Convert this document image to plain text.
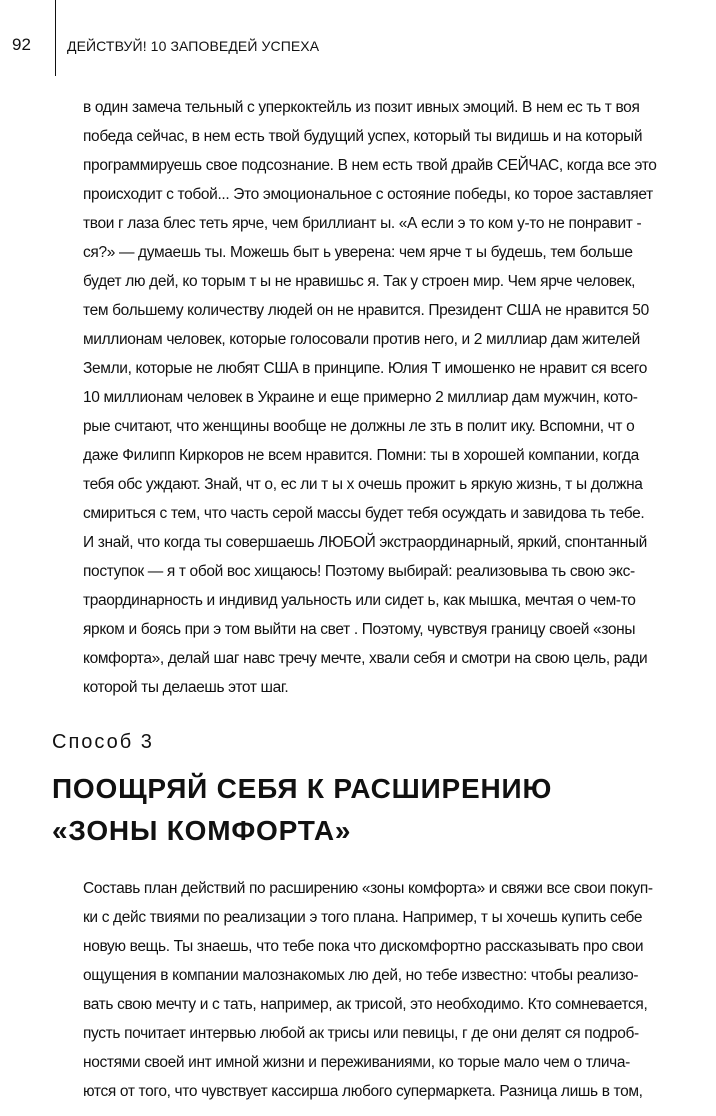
92	ДЕЙСТВУЙ! 10 ЗАПОВЕДЕЙ УСПЕХА
в один замеча тельный с уперкоктейль из позит ивных эмоций. В нем ес ть т воя
победа сейчас, в нем есть твой будущий успех, который ты видишь и на который
программируешь свое подсознание. В нем есть твой драйв СЕЙЧАС, когда все это
происходит с тобой... Это эмоциональное с остояние победы, ко торое заставляет
твои г лаза блес теть ярче, чем бриллиант ы. «А если э то ком у-то не понравит -
ся?» — думаешь ты. Можешь быт ь уверена: чем ярче т ы будешь, тем больше
будет лю дей, ко торым т ы не нравишьс я. Так у строен мир. Чем ярче человек,
тем большему количеству людей он не нравится. Президент США не нравится 50
миллионам человек, которые голосовали против него, и 2 миллиар дам жителей
Земли, которые не любят США в принципе. Юлия Т имошенко не нравит ся всего
10 миллионам человек в Украине и еще примерно 2 миллиар дам мужчин, кото-
рые считают, что женщины вообще не должны ле зть в полит ику. Вспомни, чт о
даже Филипп Киркоров не всем нравится. Помни: ты в хорошей компании, когда
тебя обс уждают. Знай, чт о, ес ли т ы х очешь прожит ь яркую жизнь, т ы должна
смириться с тем, что часть серой массы будет тебя осуждать и завидова ть тебе.
И знай, что когда ты совершаешь ЛЮБОЙ экстраординарный, яркий, спонтанный
поступок — я т обой вос хищаюсь! Поэтому выбирай: реализовыва ть свою экс-
траординарность и индивид уальность или сидет ь, как мышка, мечтая о чем-то
ярком и боясь при э том выйти на свет . Поэтому, чувствуя границу своей «зоны
комфорта», делай шаг навс тречу мечте, хвали себя и смотри на свою цель, ради
которой ты делаешь этот шаг.
Способ 3
ПООЩРЯЙ СЕБЯ К РАСШИРЕНИЮ
«ЗОНЫ КОМФОРТА»
Составь план действий по расширению «зоны комфорта» и свяжи все свои покуп-
ки с дейс твиями по реализации э того плана. Например, т ы хочешь купить себе
новую вещь. Ты знаешь, что тебе пока что дискомфортно рассказывать про свои
ощущения в компании малознакомых лю дей, но тебе известно: чтобы реализо-
вать свою мечту и с тать, например, ак трисой, это необходимо. Кто сомневается,
пусть почитает интервью любой ак трисы или певицы, г де они делят ся подроб-
ностями своей инт имной жизни и переживаниями, ко торые мало чем о тлича-
ются от того, что чувствует кассирша любого супермаркета. Разница лишь в том,
